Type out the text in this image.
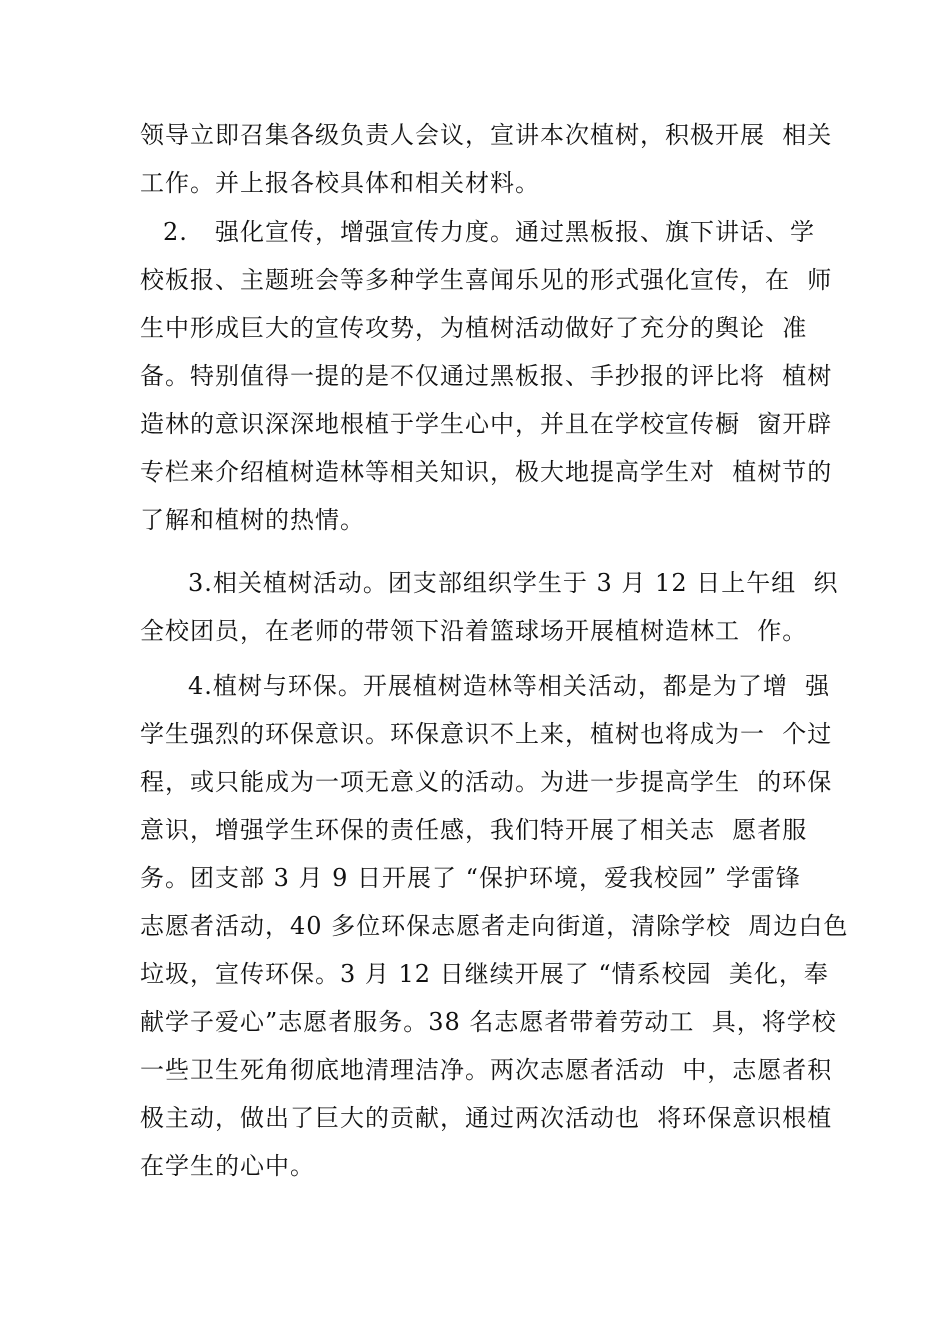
领导立即召集各级负责人会议，宣讲本次植树，积极开展  相关
工作。并上报各校具体和相关材料。
2. 强化宣传，增强宣传力度。通过黑板报、旗下讲话、学
校板报、主题班会等多种学生喜闻乐见的形式强化宣传，在  师
生中形成巨大的宣传攻势，为植树活动做好了充分的舆论  准
备。特别值得一提的是不仅通过黑板报、手抄报的评比将  植树
造林的意识深深地根植于学生心中，并且在学校宣传橱  窗开辟
专栏来介绍植树造林等相关知识，极大地提高学生对  植树节的
了解和植树的热情。
3.相关植树活动。团支部组织学生于 3 月 12 日上午组  织
全校团员，在老师的带领下沿着篮球场开展植树造林工  作。
4.植树与环保。开展植树造林等相关活动，都是为了增  强
学生强烈的环保意识。环保意识不上来，植树也将成为一  个过
程，或只能成为一项无意义的活动。为进一步提高学生  的环保
意识，增强学生环保的责任感，我们特开展了相关志  愿者服
务。团支部 3 月 9 日开展了 “保护环境，爱我校园” 学雷锋
志愿者活动，40 多位环保志愿者走向街道，清除学校  周边白色
垃圾，宣传环保。3 月 12 日继续开展了 “情系校园  美化，奉
献学子爱心”志愿者服务。38 名志愿者带着劳动工  具，将学校
一些卫生死角彻底地清理洁净。两次志愿者活动  中，志愿者积
极主动，做出了巨大的贡献，通过两次活动也  将环保意识根植
在学生的心中。
